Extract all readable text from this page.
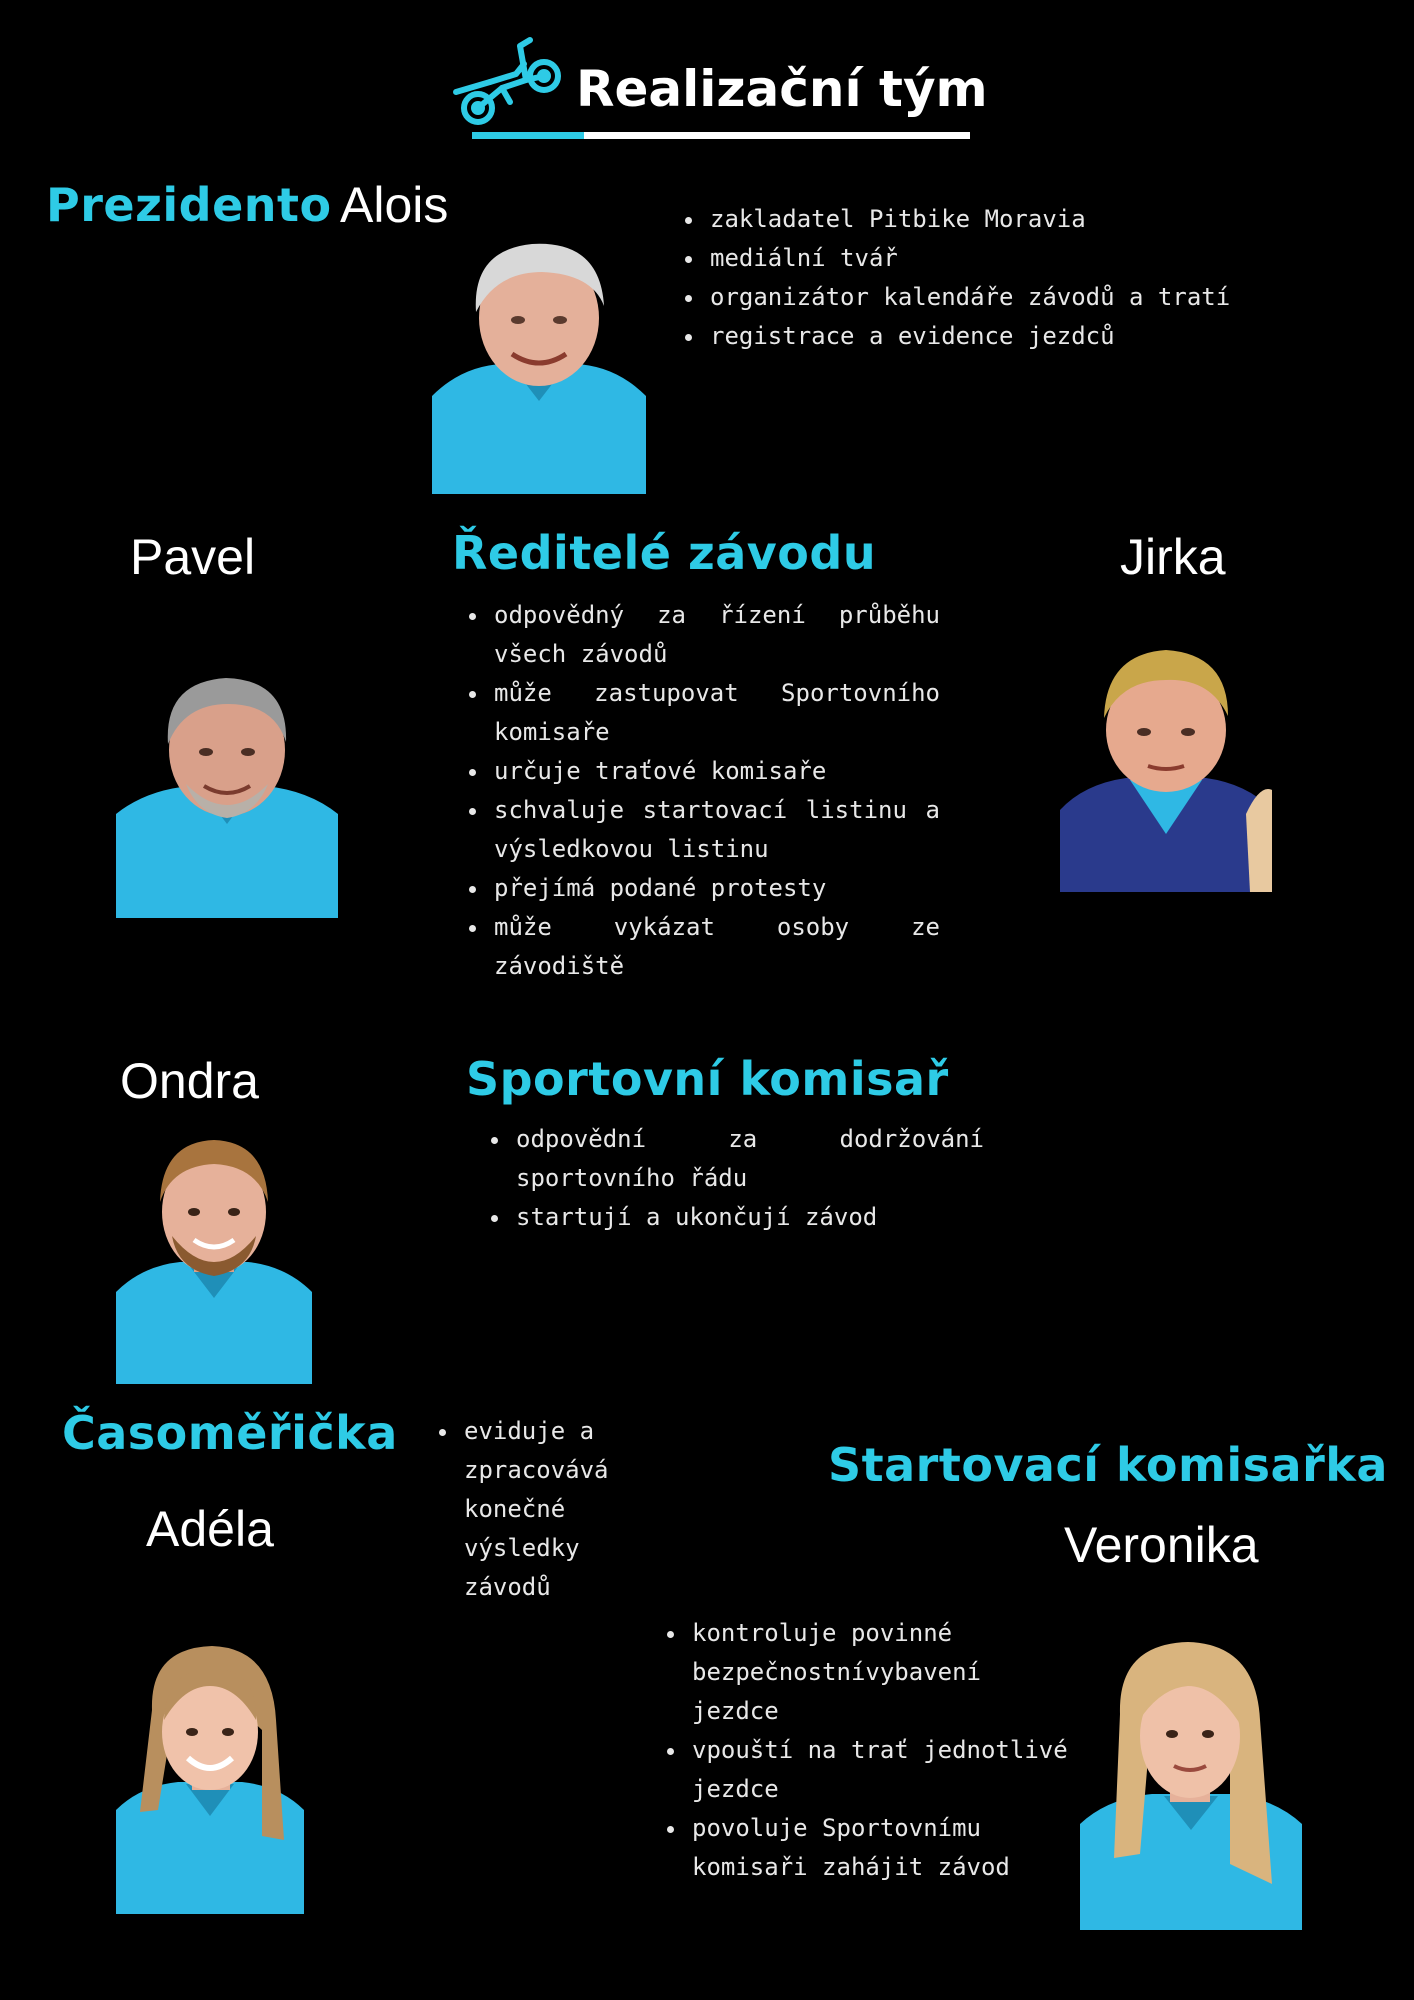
Realizační tým
Prezidento Alois
•	zakladatel Pitbike Moravia
• mediální tvář
• organizátor kalendáře závodů a tratí
• registrace a evidence jezdců
Pavel	Jirka
Ředitelé závodu
• odpovědný za řízení průběhu všech závodů
• může zastupovat Sportovního komisaře
• určuje traťové komisaře
• schvaluje startovací listinu a výsledkovou listinu
• přejímá podané protesty
• může vykázat osoby ze závodiště
Ondra	Sportovní komisař
• odpovědní za dodržování sportovního řádu
• startují a ukončují závod
Časoměřička
Adéla
• eviduje a zpracovává konečné výsledky závodů
Startovací komisařka
Veronika
• kontroluje povinné bezpečnostnívybavení jezdce
• vpouští na trať jednotlivé jezdce
• povoluje Sportovnímu komisaři zahájit závod
